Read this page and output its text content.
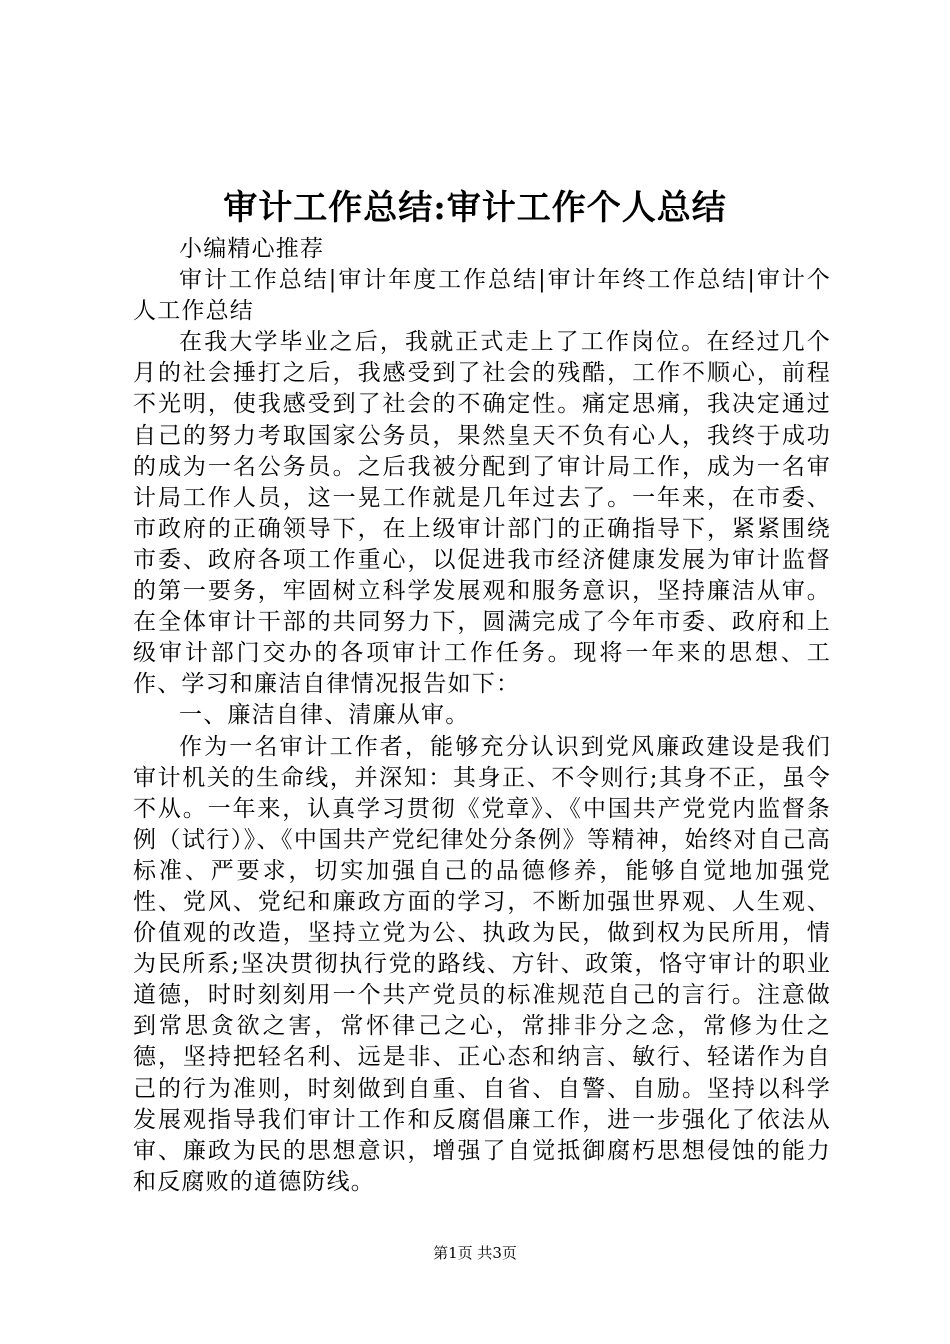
审计工作总结:审计工作个人总结

小编精心推荐

审计工作总结|审计年度工作总结|审计年终工作总结|审计个人工作总结

在我大学毕业之后，我就正式走上了工作岗位。在经过几个月的社会捶打之后，我感受到了社会的残酷，工作不顺心，前程不光明，使我感受到了社会的不确定性。痛定思痛，我决定通过自己的努力考取国家公务员，果然皇天不负有心人，我终于成功的成为一名公务员。之后我被分配到了审计局工作，成为一名审计局工作人员，这一晃工作就是几年过去了。一年来，在市委、市政府的正确领导下，在上级审计部门的正确指导下，紧紧围绕市委、政府各项工作重心，以促进我市经济健康发展为审计监督的第一要务，牢固树立科学发展观和服务意识，坚持廉洁从审。在全体审计干部的共同努力下，圆满完成了今年市委、政府和上级审计部门交办的各项审计工作任务。现将一年来的思想、工作、学习和廉洁自律情况报告如下：

一、廉洁自律、清廉从审。

作为一名审计工作者，能够充分认识到党风廉政建设是我们审计机关的生命线，并深知：其身正、不令则行;其身不正，虽令不从。一年来，认真学习贯彻《党章》、《中国共产党党内监督条例（试行）》、《中国共产党纪律处分条例》等精神，始终对自己高标准、严要求，切实加强自己的品德修养，能够自觉地加强党性、党风、党纪和廉政方面的学习，不断加强世界观、人生观、价值观的改造，坚持立党为公、执政为民，做到权为民所用，情为民所系;坚决贯彻执行党的路线、方针、政策，恪守审计的职业道德，时时刻刻用一个共产党员的标准规范自己的言行。注意做到常思贪欲之害，常怀律己之心，常排非分之念，常修为仕之德，坚持把轻名利、远是非、正心态和纳言、敏行、轻诺作为自己的行为准则，时刻做到自重、自省、自警、自励。坚持以科学发展观指导我们审计工作和反腐倡廉工作，进一步强化了依法从审、廉政为民的思想意识，增强了自觉抵御腐朽思想侵蚀的能力和反腐败的道德防线。

第1页 共3页
